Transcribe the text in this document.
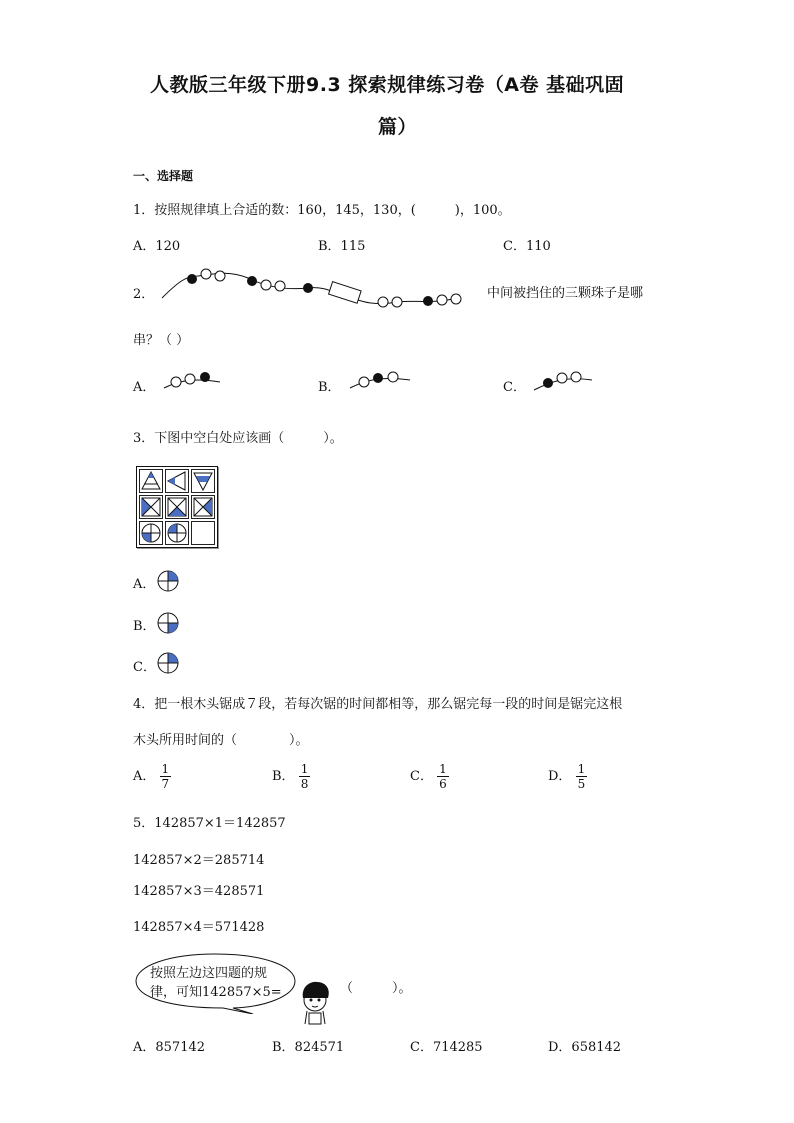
人教版三年级下册9.3 探索规律练习卷（A卷 基础巩固
篇）
一、选择题
1．按照规律填上合适的数：160，145，130，(　　　)，100。
A．120	B．115	C．110
2．	中间被挡住的三颗珠子是哪
串？（ ）
A．	B．	C．
3．下图中空白处应该画（　　　）。
A．
B．
C．
4．把一根木头锯成７段，若每次锯的时间都相等，那么锯完每一段的时间是锯完这根
木头所用时间的（　　　　）。
A． $\frac{1}{7}$	B． $\frac{1}{8}$	C． $\frac{1}{6}$	D． $\frac{1}{5}$
5．142857×1＝142857
142857×2＝285714
142857×3＝428571
142857×4＝571428
按照左边这四题的规
律，可知142857×5=	（　　　）。
A．857142	B．824571	C．714285	D．658142
